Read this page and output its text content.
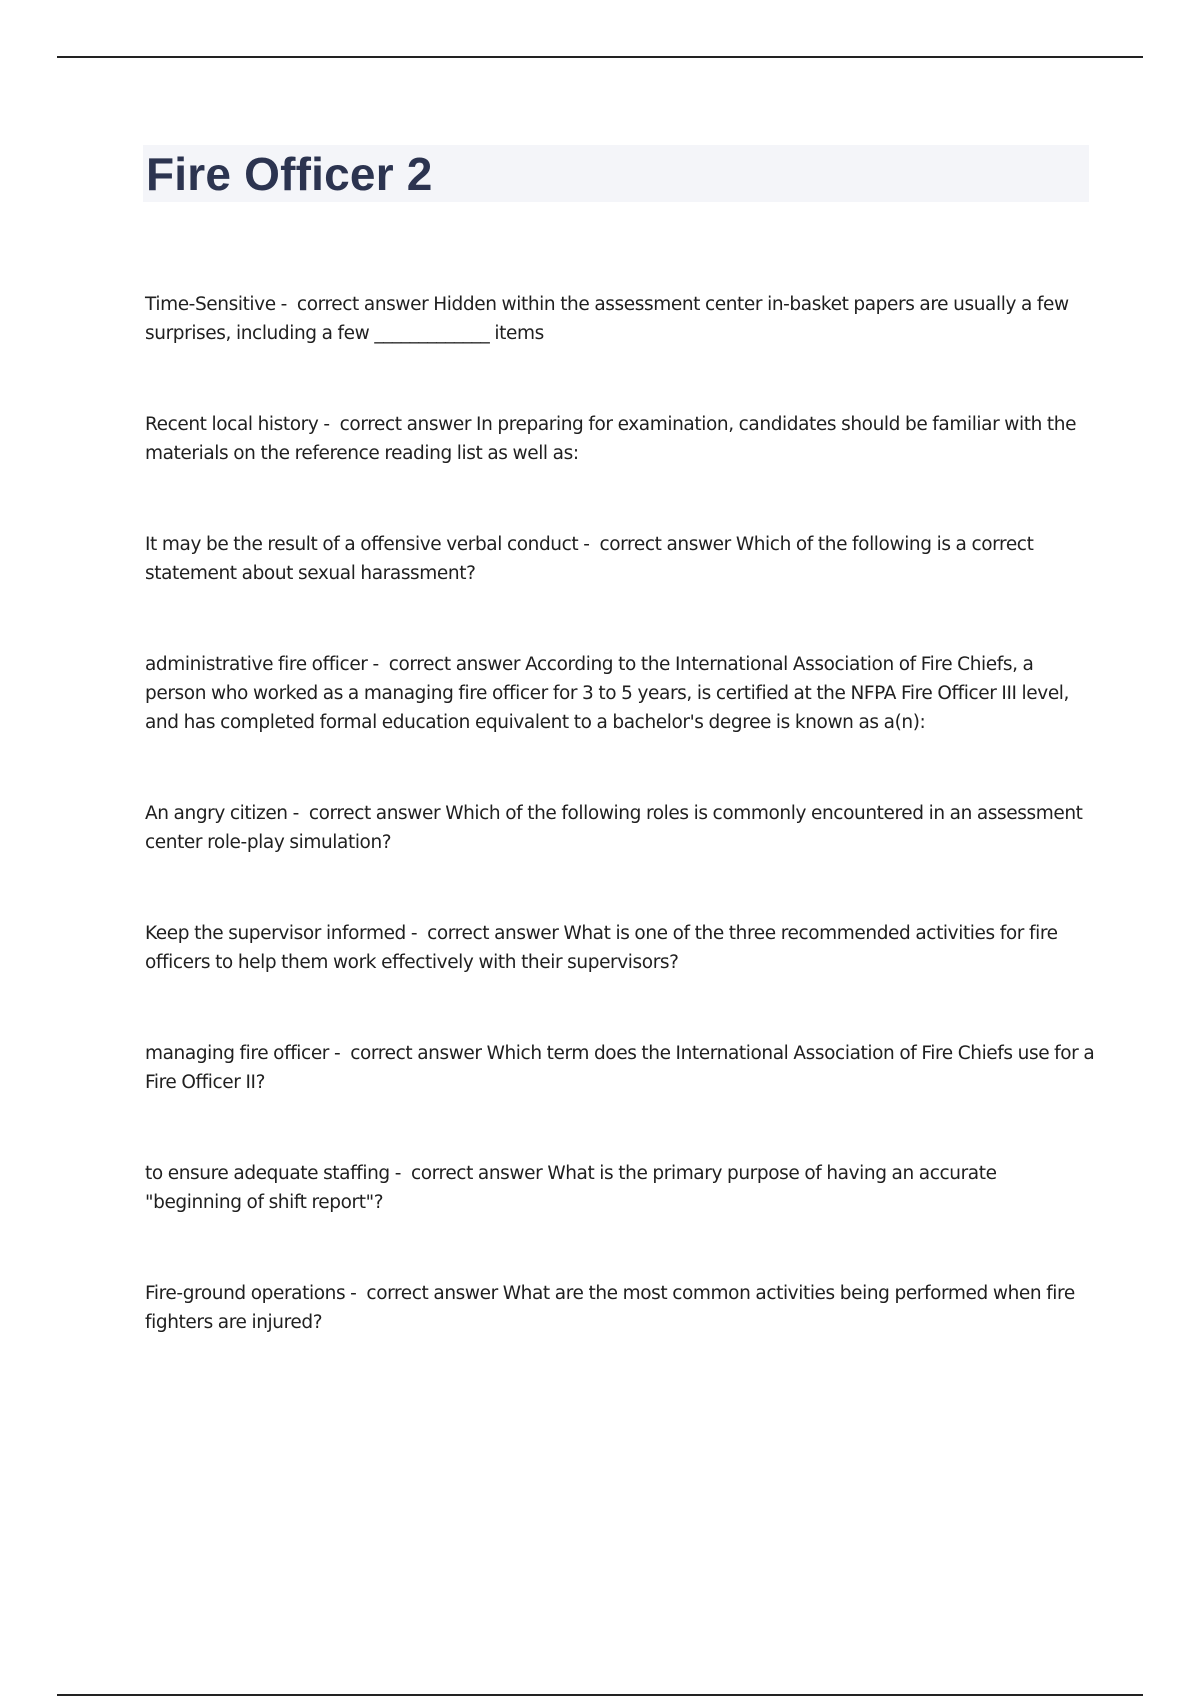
Fire Officer 2

Time-Sensitive -  correct answer Hidden within the assessment center in-basket papers are usually a few surprises, including a few _____________ items

Recent local history -  correct answer In preparing for examination, candidates should be familiar with the materials on the reference reading list as well as:

It may be the result of a offensive verbal conduct -  correct answer Which of the following is a correct statement about sexual harassment?

administrative fire officer -  correct answer According to the International Association of Fire Chiefs, a person who worked as a managing fire officer for 3 to 5 years, is certified at the NFPA Fire Officer III level, and has completed formal education equivalent to a bachelor's degree is known as a(n):

An angry citizen -  correct answer Which of the following roles is commonly encountered in an assessment center role-play simulation?

Keep the supervisor informed -  correct answer What is one of the three recommended activities for fire officers to help them work effectively with their supervisors?

managing fire officer -  correct answer Which term does the International Association of Fire Chiefs use for a Fire Officer II?

to ensure adequate staffing -  correct answer What is the primary purpose of having an accurate "beginning of shift report"?

Fire-ground operations -  correct answer What are the most common activities being performed when fire fighters are injured?
